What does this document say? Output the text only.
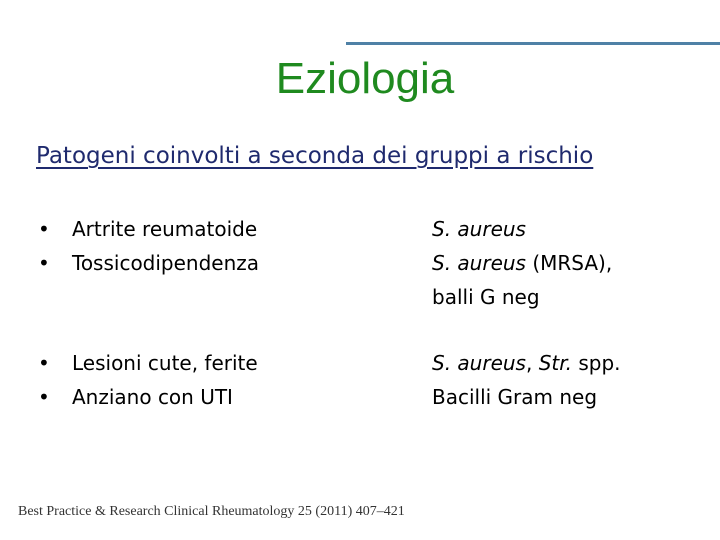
Eziologia
Patogeni coinvolti a seconda dei gruppi a rischio
• Artrite reumatoide
• Tossicodipendenza
S. aureus
S. aureus (MRSA),
balli G neg
• Lesioni cute, ferite
• Anziano con UTI
S. aureus, Str. spp.
Bacilli Gram neg
Best Practice & Research Clinical Rheumatology 25 (2011) 407–421
